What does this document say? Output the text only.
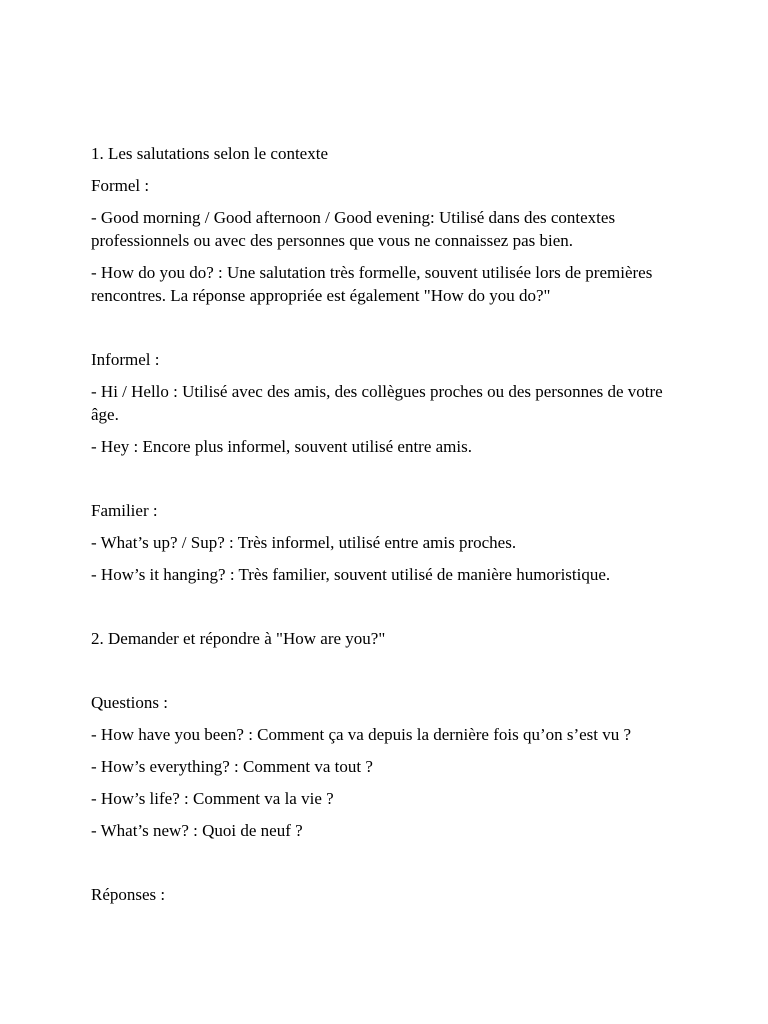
1. Les salutations selon le contexte

Formel :

- Good morning / Good afternoon / Good evening: Utilisé dans des contextes professionnels ou avec des personnes que vous ne connaissez pas bien.

- How do you do? : Une salutation très formelle, souvent utilisée lors de premières rencontres. La réponse appropriée est également "How do you do?"

Informel :

- Hi / Hello : Utilisé avec des amis, des collègues proches ou des personnes de votre âge.

- Hey : Encore plus informel, souvent utilisé entre amis.

Familier :

- What’s up? / Sup? : Très informel, utilisé entre amis proches.

- How’s it hanging? : Très familier, souvent utilisé de manière humoristique.

2. Demander et répondre à "How are you?"

Questions :

- How have you been? : Comment ça va depuis la dernière fois qu’on s’est vu ?

- How’s everything? : Comment va tout ?

- How’s life? : Comment va la vie ?

- What’s new? : Quoi de neuf ?

Réponses :
